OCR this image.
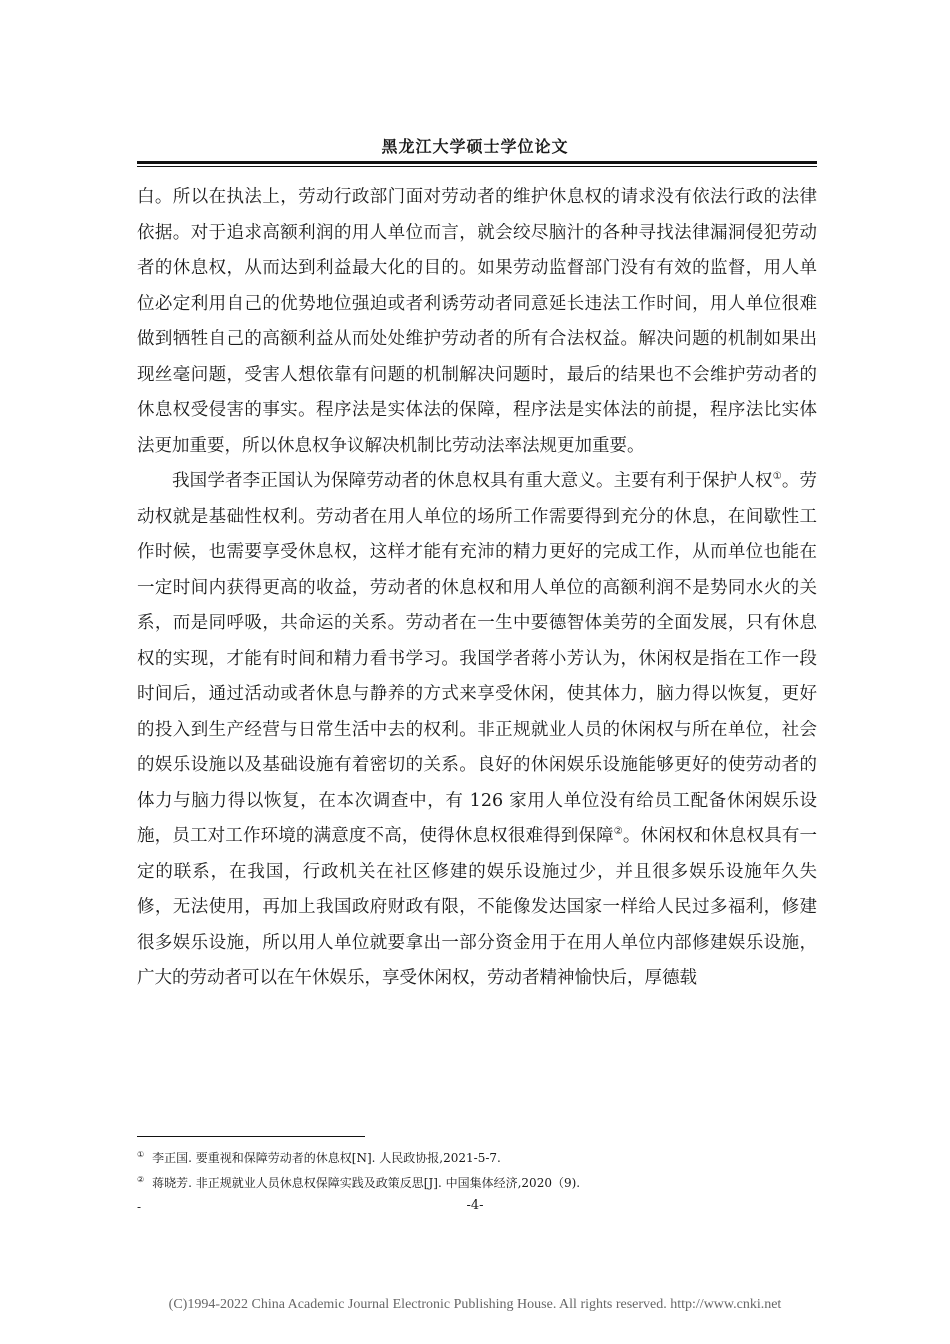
黑龙江大学硕士学位论文

白。所以在执法上，劳动行政部门面对劳动者的维护休息权的请求没有依法行政的法律依据。对于追求高额利润的用人单位而言，就会绞尽脑汁的各种寻找法律漏洞侵犯劳动者的休息权，从而达到利益最大化的目的。如果劳动监督部门没有有效的监督，用人单位必定利用自己的优势地位强迫或者利诱劳动者同意延长违法工作时间，用人单位很难做到牺牲自己的高额利益从而处处维护劳动者的所有合法权益。解决问题的机制如果出现丝毫问题，受害人想依靠有问题的机制解决问题时，最后的结果也不会维护劳动者的休息权受侵害的事实。程序法是实体法的保障，程序法是实体法的前提，程序法比实体法更加重要，所以休息权争议解决机制比劳动法率法规更加重要。

我国学者李正国认为保障劳动者的休息权具有重大意义。主要有利于保护人权①。劳动权就是基础性权利。劳动者在用人单位的场所工作需要得到充分的休息，在间歇性工作时候，也需要享受休息权，这样才能有充沛的精力更好的完成工作，从而单位也能在一定时间内获得更高的收益，劳动者的休息权和用人单位的高额利润不是势同水火的关系，而是同呼吸，共命运的关系。劳动者在一生中要德智体美劳的全面发展，只有休息权的实现，才能有时间和精力看书学习。我国学者蒋小芳认为，休闲权是指在工作一段时间后，通过活动或者休息与静养的方式来享受休闲，使其体力，脑力得以恢复，更好的投入到生产经营与日常生活中去的权利。非正规就业人员的休闲权与所在单位，社会的娱乐设施以及基础设施有着密切的关系。良好的休闲娱乐设施能够更好的使劳动者的体力与脑力得以恢复，在本次调查中，有 126 家用人单位没有给员工配备休闲娱乐设施，员工对工作环境的满意度不高，使得休息权很难得到保障②。休闲权和休息权具有一定的联系，在我国，行政机关在社区修建的娱乐设施过少，并且很多娱乐设施年久失修，无法使用，再加上我国政府财政有限，不能像发达国家一样给人民过多福利，修建很多娱乐设施，所以用人单位就要拿出一部分资金用于在用人单位内部修建娱乐设施，广大的劳动者可以在午休娱乐，享受休闲权，劳动者精神愉快后，厚德载

① 李正国. 要重视和保障劳动者的休息权[N]. 人民政协报,2021-5-7.
② 蒋晓芳. 非正规就业人员休息权保障实践及政策反思[J]. 中国集体经济,2020（9).
-	-4-
(C)1994-2022 China Academic Journal Electronic Publishing House. All rights reserved. http://www.cnki.net
